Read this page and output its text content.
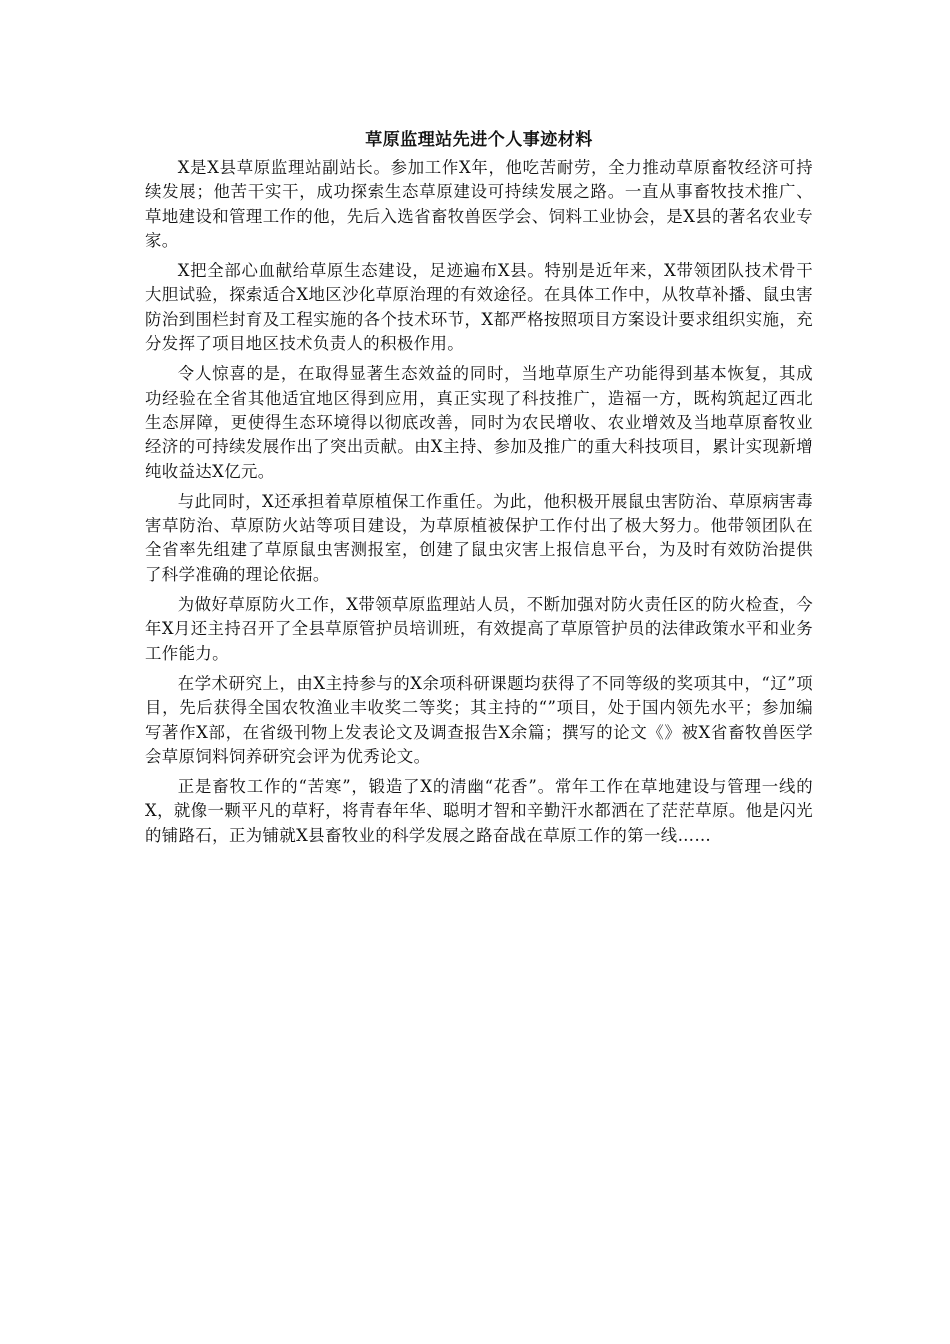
草原监理站先进个人事迹材料

X是X县草原监理站副站长。参加工作X年，他吃苦耐劳，全力推动草原畜牧经济可持续发展；他苦干实干，成功探索生态草原建设可持续发展之路。一直从事畜牧技术推广、草地建设和管理工作的他，先后入选省畜牧兽医学会、饲料工业协会，是X县的著名农业专家。

X把全部心血献给草原生态建设，足迹遍布X县。特别是近年来，X带领团队技术骨干大胆试验，探索适合X地区沙化草原治理的有效途径。在具体工作中，从牧草补播、鼠虫害防治到围栏封育及工程实施的各个技术环节，X都严格按照项目方案设计要求组织实施，充分发挥了项目地区技术负责人的积极作用。

令人惊喜的是，在取得显著生态效益的同时，当地草原生产功能得到基本恢复，其成功经验在全省其他适宜地区得到应用，真正实现了科技推广，造福一方，既构筑起辽西北生态屏障，更使得生态环境得以彻底改善，同时为农民增收、农业增效及当地草原畜牧业经济的可持续发展作出了突出贡献。由X主持、参加及推广的重大科技项目，累计实现新增纯收益达X亿元。

与此同时，X还承担着草原植保工作重任。为此，他积极开展鼠虫害防治、草原病害毒害草防治、草原防火站等项目建设，为草原植被保护工作付出了极大努力。他带领团队在全省率先组建了草原鼠虫害测报室，创建了鼠虫灾害上报信息平台，为及时有效防治提供了科学准确的理论依据。

为做好草原防火工作，X带领草原监理站人员，不断加强对防火责任区的防火检查，今年X月还主持召开了全县草原管护员培训班，有效提高了草原管护员的法律政策水平和业务工作能力。

在学术研究上，由X主持参与的X余项科研课题均获得了不同等级的奖项其中，“辽”项目，先后获得全国农牧渔业丰收奖二等奖；其主持的“”项目，处于国内领先水平；参加编写著作X部，在省级刊物上发表论文及调查报告X余篇；撰写的论文《》被X省畜牧兽医学会草原饲料饲养研究会评为优秀论文。

正是畜牧工作的“苦寒”，锻造了X的清幽“花香”。常年工作在草地建设与管理一线的X，就像一颗平凡的草籽，将青春年华、聪明才智和辛勤汗水都洒在了茫茫草原。他是闪光的铺路石，正为铺就X县畜牧业的科学发展之路奋战在草原工作的第一线……
